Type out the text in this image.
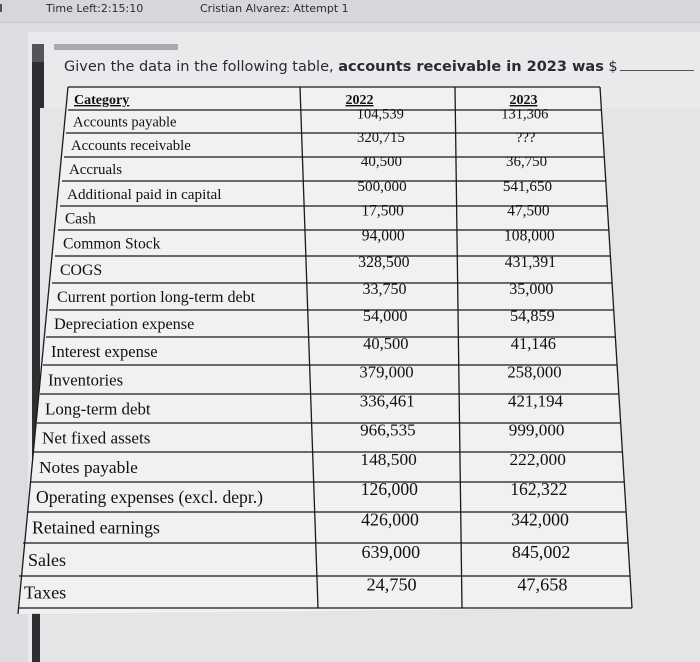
Time Left:2:15:10	Cristian Alvarez: Attempt 1
Given the data in the following table, accounts receivable in 2023 was $
Category	2022	2023
Accounts payable	104,539	131,306
Accounts receivable	320,715	???
Accruals	40,500	36,750
Additional paid in capital	500,000	541,650
Cash	17,500	47,500
Common Stock	94,000	108,000
COGS	328,500	431,391
Current portion long-term debt	33,750	35,000
Depreciation expense	54,000	54,859
Interest expense	40,500	41,146
Inventories	379,000	258,000
Long-term debt	336,461	421,194
Net fixed assets	966,535	999,000
Notes payable	148,500	222,000
Operating expenses (excl. depr.)	126,000	162,322
Retained earnings	426,000	342,000
Sales	639,000	845,002
Taxes	24,750	47,658
